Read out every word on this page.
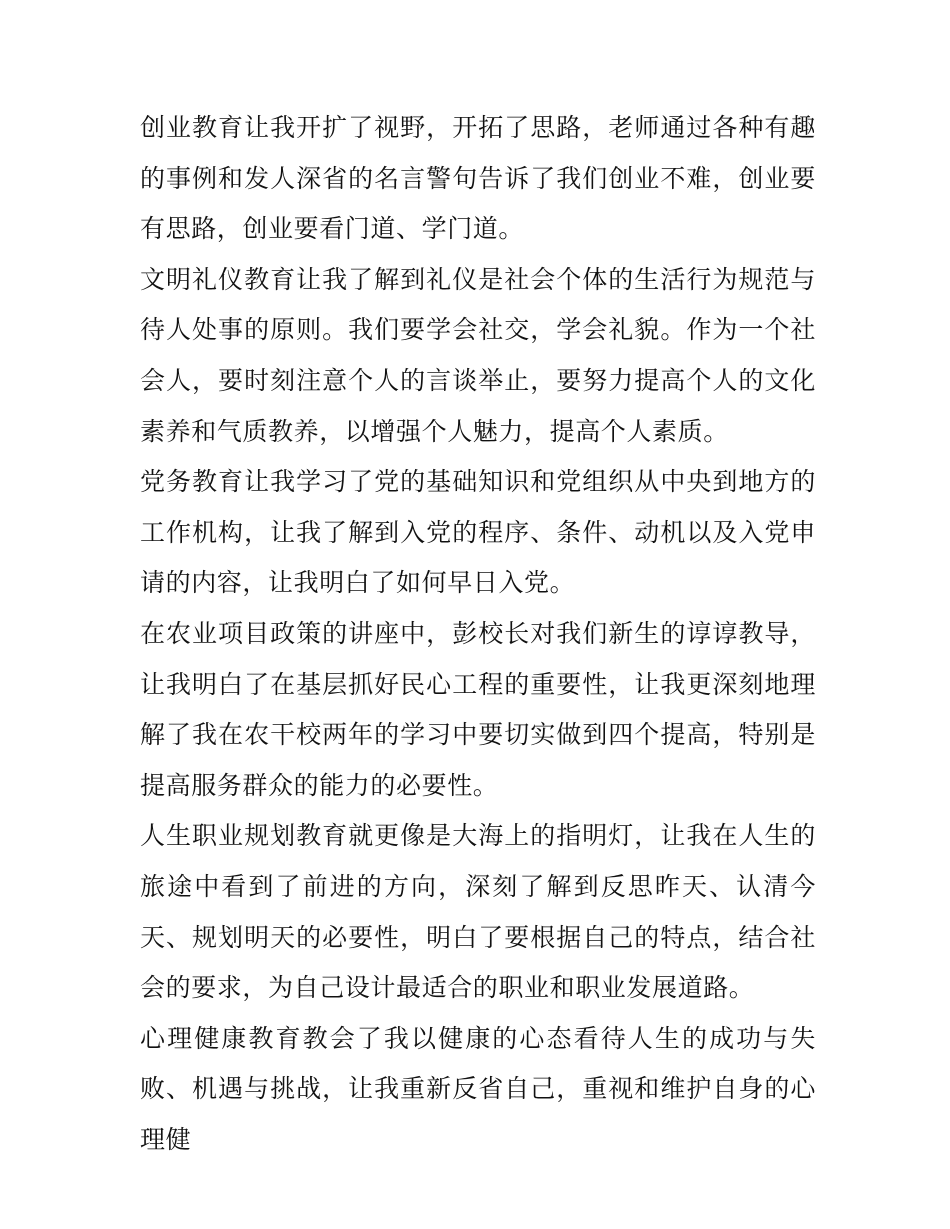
创业教育让我开扩了视野，开拓了思路，老师通过各种有趣的事例和发人深省的名言警句告诉了我们创业不难，创业要有思路，创业要看门道、学门道。

文明礼仪教育让我了解到礼仪是社会个体的生活行为规范与待人处事的原则。我们要学会社交，学会礼貌。作为一个社会人，要时刻注意个人的言谈举止，要努力提高个人的文化素养和气质教养，以增强个人魅力，提高个人素质。

党务教育让我学习了党的基础知识和党组织从中央到地方的工作机构，让我了解到入党的程序、条件、动机以及入党申请的内容，让我明白了如何早日入党。

在农业项目政策的讲座中，彭校长对我们新生的谆谆教导，让我明白了在基层抓好民心工程的重要性，让我更深刻地理解了我在农干校两年的学习中要切实做到四个提高，特别是提高服务群众的能力的必要性。

人生职业规划教育就更像是大海上的指明灯，让我在人生的旅途中看到了前进的方向，深刻了解到反思昨天、认清今天、规划明天的必要性，明白了要根据自己的特点，结合社会的要求，为自己设计最适合的职业和职业发展道路。

心理健康教育教会了我以健康的心态看待人生的成功与失败、机遇与挑战，让我重新反省自己，重视和维护自身的心理健
